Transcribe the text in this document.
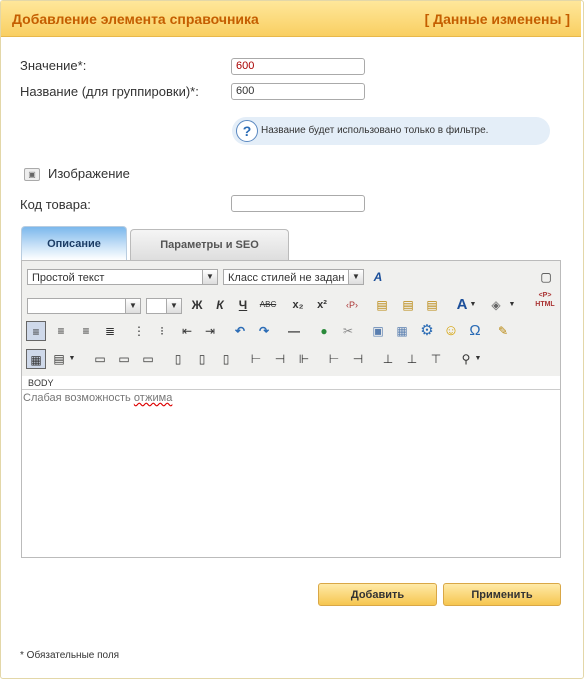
Добавление элемента справочника	[ Данные изменены ]
Значение*:	600
Название (для группировки)*:	600
? Название будет использовано только в фильтре.
▣ Изображение
Код товара:
Описание	Параметры и SEO
Простой текст	▼	Класс стилей не задан ▼	A	▢
▼	▼	Ж	К	Ч	ABC	x₂	x²	‹P›	▤	▤	▤	A ▼	◈	▼
<P> HTML
≡	≡	≡	≣	⋮	⁝	⇤	⇥	↶	↷	—	●	✂	▣	▦ ⚙ ☺ Ω	✎
▦ ▤ ▼	▭	▭	▭	▯	▯	▯	⊢	⊣	⊩	⊢	⊣	⊥	⊥	⊤	⚲ ▼
BODY
Слабая возможность отжима
Добавить	Применить
* Обязательные поля
